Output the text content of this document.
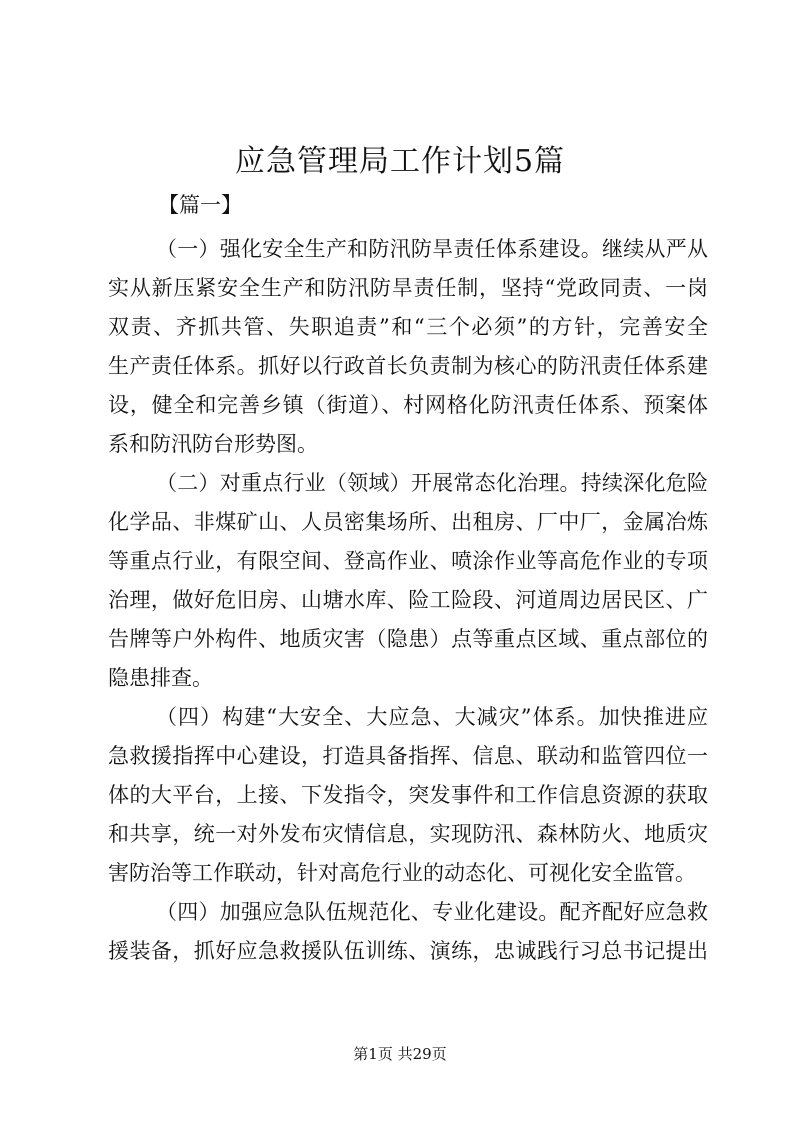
应急管理局工作计划5篇
【篇一】
（一）强化安全生产和防汛防旱责任体系建设。继续从严从
实从新压紧安全生产和防汛防旱责任制，坚持“党政同责、一岗
双责、齐抓共管、失职追责”和“三个必须”的方针，完善安全
生产责任体系。抓好以行政首长负责制为核心的防汛责任体系建
设，健全和完善乡镇（街道）、村网格化防汛责任体系、预案体
系和防汛防台形势图。
（二）对重点行业（领域）开展常态化治理。持续深化危险
化学品、非煤矿山、人员密集场所、出租房、厂中厂，金属冶炼
等重点行业，有限空间、登高作业、喷涂作业等高危作业的专项
治理，做好危旧房、山塘水库、险工险段、河道周边居民区、广
告牌等户外构件、地质灾害（隐患）点等重点区域、重点部位的
隐患排查。
（四）构建“大安全、大应急、大减灾”体系。加快推进应
急救援指挥中心建设，打造具备指挥、信息、联动和监管四位一
体的大平台，上接、下发指令，突发事件和工作信息资源的获取
和共享，统一对外发布灾情信息，实现防汛、森林防火、地质灾
害防治等工作联动，针对高危行业的动态化、可视化安全监管。
（四）加强应急队伍规范化、专业化建设。配齐配好应急救
援装备，抓好应急救援队伍训练、演练，忠诚践行习总书记提出
第1页 共29页
